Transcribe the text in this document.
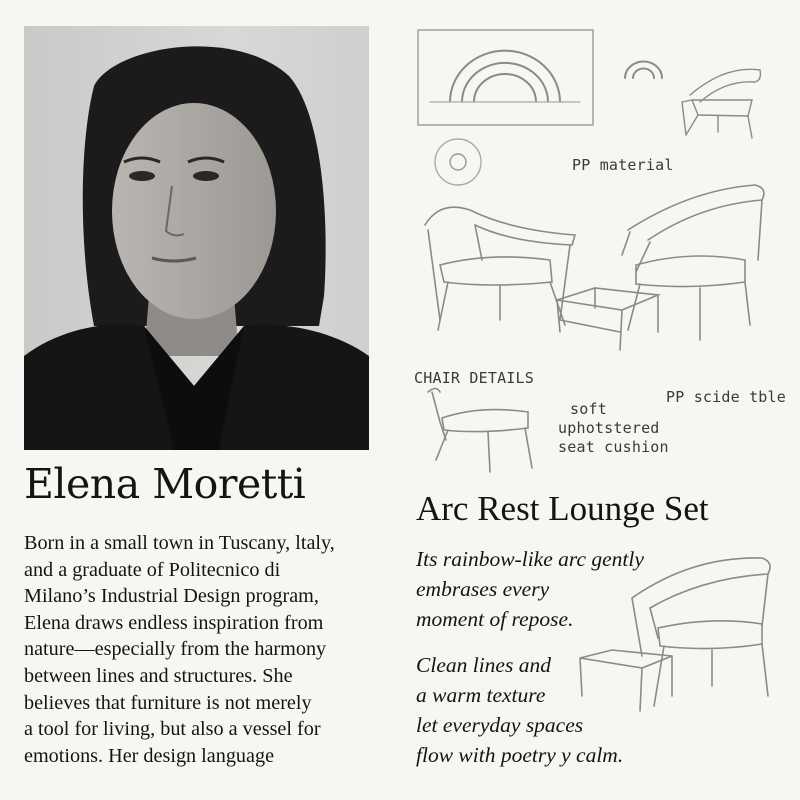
Elena Moretti
Born in a small town in Tuscany, ltaly,
and a graduate of Politecnico di
Milano’s Industrial Design program,
Elena draws endless inspiration from
nature—especially from the harmony
between lines and structures. She
believes that furniture is not merely
a tool for living, but also a vessel for
emotions. Her design language
PP material
CHAIR DETAILS
PP scide tble
soft
uphotstered
seat cushion
Arc Rest Lounge Set
Its rainbow-like arc gently
embrases every
moment of repose.
Clean lines and
a warm texture
let everyday spaces
flow with poetry y calm.
